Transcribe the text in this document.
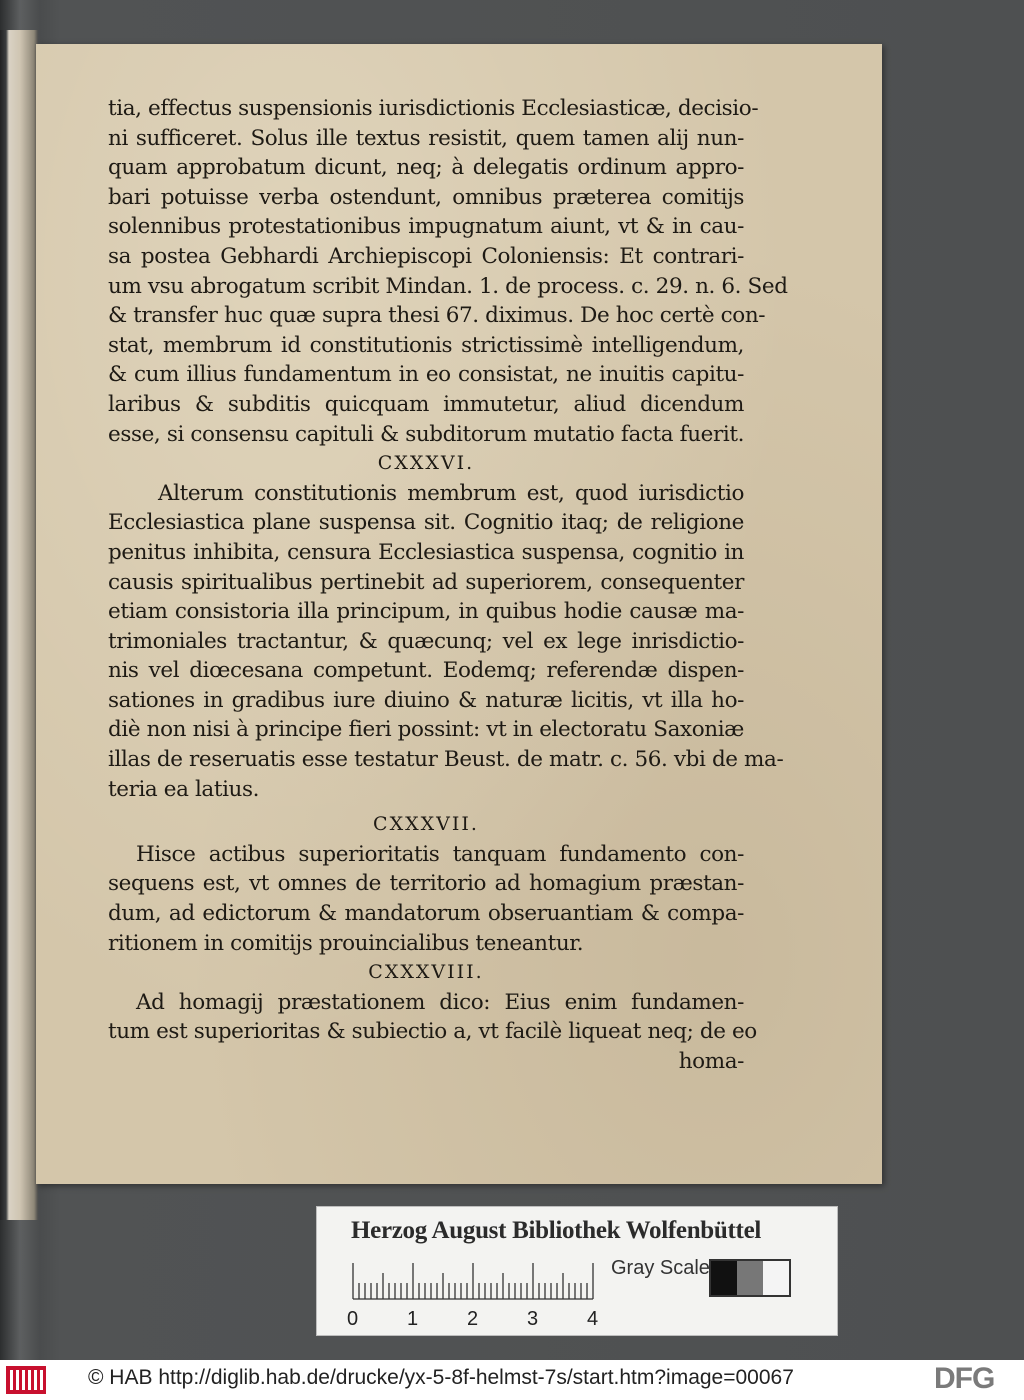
tia, effectus suspensionis iurisdictionis Ecclesiasticæ, decisio-
ni sufficeret. Solus ille textus resistit, quem tamen alij nun-
quam approbatum dicunt, neq; à delegatis ordinum appro-
bari potuisse verba ostendunt, omnibus præterea comitijs
solennibus protestationibus impugnatum aiunt, vt & in cau-
sa postea Gebhardi Archiepiscopi Coloniensis: Et contrari-
um vsu abrogatum scribit Mindan. 1. de process. c. 29. n. 6. Sed
& transfer huc quæ supra thesi 67. diximus. De hoc certè con-
stat, membrum id constitutionis strictissimè intelligendum,
& cum illius fundamentum in eo consistat, ne inuitis capitu-
laribus & subditis quicquam immutetur, aliud dicendum
esse, si consensu capituli & subditorum mutatio facta fuerit.
CXXXVI.
Alterum constitutionis membrum est, quod iurisdictio
Ecclesiastica plane suspensa sit. Cognitio itaq; de religione
penitus inhibita, censura Ecclesiastica suspensa, cognitio in
causis spiritualibus pertinebit ad superiorem, consequenter
etiam consistoria illa principum, in quibus hodie causæ ma-
trimoniales tractantur, & quæcunq; vel ex lege inrisdictio-
nis vel diœcesana competunt. Eodemq; referendæ dispen-
sationes in gradibus iure diuino & naturæ licitis, vt illa ho-
diè non nisi à principe fieri possint: vt in electoratu Saxoniæ
illas de reseruatis esse testatur Beust. de matr. c. 56. vbi de ma-
teria ea latius.
CXXXVII.
Hisce actibus superioritatis tanquam fundamento con-
sequens est, vt omnes de territorio ad homagium præstan-
dum, ad edictorum & mandatorum obseruantiam & compa-
ritionem in comitijs prouincialibus teneantur.
CXXXVIII.
Ad homagij præstationem dico: Eius enim fundamen-
tum est superioritas & subiectio a, vt facilè liqueat neq; de eo
homa-
Herzog August Bibliothek Wolfenbüttel
0 1 2 3 4
Gray Scale
© HAB http://diglib.hab.de/drucke/yx-5-8f-helmst-7s/start.htm?image=00067	DFG
